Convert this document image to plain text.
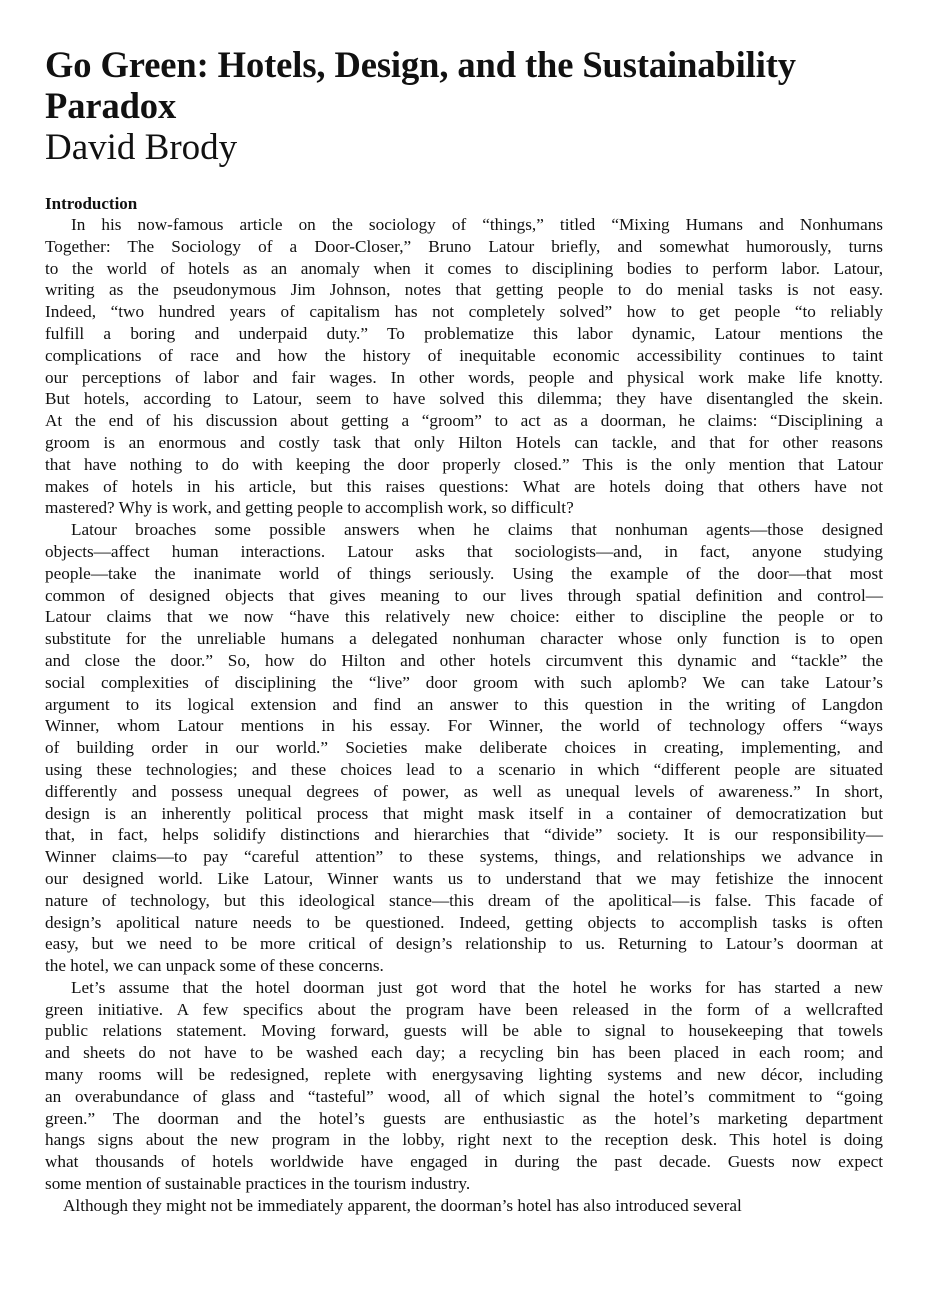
Go Green: Hotels, Design, and the Sustainability
Paradox
David Brody
Introduction
In his now-famous article on the sociology of “things,” titled “Mixing Humans and Nonhumans
Together: The Sociology of a Door-Closer,” Bruno Latour briefly, and somewhat humorously, turns
to the world of hotels as an anomaly when it comes to disciplining bodies to perform labor. Latour,
writing as the pseudonymous Jim Johnson, notes that getting people to do menial tasks is not easy.
Indeed, “two hundred years of capitalism has not completely solved” how to get people “to reliably
fulfill a boring and underpaid duty.” To problematize this labor dynamic, Latour mentions the
complications of race and how the history of inequitable economic accessibility continues to taint
our perceptions of labor and fair wages. In other words, people and physical work make life knotty.
But hotels, according to Latour, seem to have solved this dilemma; they have disentangled the skein.
At the end of his discussion about getting a “groom” to act as a doorman, he claims: “Disciplining a
groom is an enormous and costly task that only Hilton Hotels can tackle, and that for other reasons
that have nothing to do with keeping the door properly closed.” This is the only mention that Latour
makes of hotels in his article, but this raises questions: What are hotels doing that others have not
mastered? Why is work, and getting people to accomplish work, so difficult?
Latour broaches some possible answers when he claims that nonhuman agents—those designed
objects—affect human interactions. Latour asks that sociologists—and, in fact, anyone studying
people—take the inanimate world of things seriously. Using the example of the door—that most
common of designed objects that gives meaning to our lives through spatial definition and control—
Latour claims that we now “have this relatively new choice: either to discipline the people or to
substitute for the unreliable humans a delegated nonhuman character whose only function is to open
and close the door.” So, how do Hilton and other hotels circumvent this dynamic and “tackle” the
social complexities of disciplining the “live” door groom with such aplomb? We can take Latour’s
argument to its logical extension and find an answer to this question in the writing of Langdon
Winner, whom Latour mentions in his essay. For Winner, the world of technology offers “ways
of building order in our world.” Societies make deliberate choices in creating, implementing, and
using these technologies; and these choices lead to a scenario in which “different people are situated
differently and possess unequal degrees of power, as well as unequal levels of awareness.” In short,
design is an inherently political process that might mask itself in a container of democratization but
that, in fact, helps solidify distinctions and hierarchies that “divide” society. It is our responsibility—
Winner claims—to pay “careful attention” to these systems, things, and relationships we advance in
our designed world. Like Latour, Winner wants us to understand that we may fetishize the innocent
nature of technology, but this ideological stance—this dream of the apolitical—is false. This facade of
design’s apolitical nature needs to be questioned. Indeed, getting objects to accomplish tasks is often
easy, but we need to be more critical of design’s relationship to us. Returning to Latour’s doorman at
the hotel, we can unpack some of these concerns.
Let’s assume that the hotel doorman just got word that the hotel he works for has started a new
green initiative. A few specifics about the program have been released in the form of a wellcrafted
public relations statement. Moving forward, guests will be able to signal to housekeeping that towels
and sheets do not have to be washed each day; a recycling bin has been placed in each room; and
many rooms will be redesigned, replete with energysaving lighting systems and new décor, including
an overabundance of glass and “tasteful” wood, all of which signal the hotel’s commitment to “going
green.” The doorman and the hotel’s guests are enthusiastic as the hotel’s marketing department
hangs signs about the new program in the lobby, right next to the reception desk. This hotel is doing
what thousands of hotels worldwide have engaged in during the past decade. Guests now expect
some mention of sustainable practices in the tourism industry.
Although they might not be immediately apparent, the doorman’s hotel has also introduced several
